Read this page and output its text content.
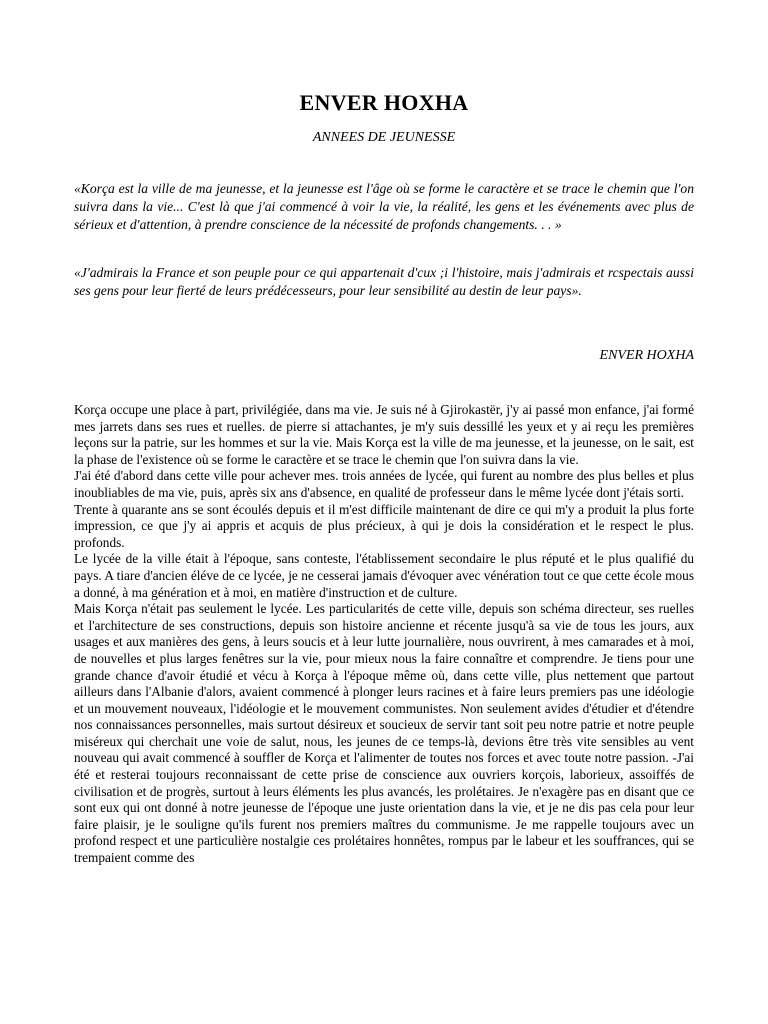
ENVER HOXHA
ANNEES DE JEUNESSE

«Korça est la ville de ma jeunesse, et la jeunesse est l'âge où se forme le caractère et se trace le chemin que l'on suivra dans la vie... C'est là que j'ai commencé à voir la vie, la réalité, les gens et les événements avec plus de sérieux et d'attention, à prendre conscience de la nécessité de profonds changements. . . »

«J'admirais la France et son peuple pour ce qui appartenait d'cux ;i l'histoire, mais j'admirais et rcspectais aussi ses gens pour leur fierté de leurs prédécesseurs, pour leur sensibilité au destin de leur pays».

ENVER HOXHA

Korça occupe une place à part, privilégiée, dans ma vie. Je suis né à Gjirokastër, j'y ai passé mon enfance, j'ai formé mes jarrets dans ses rues et ruelles. de pierre si attachantes, je m'y suis dessillé les yeux et y ai reçu les premières leçons sur la patrie, sur les hommes et sur la vie. Mais Korça est la ville de ma jeunesse, et la jeunesse, on le sait, est la phase de l'existence où se forme le caractère et se trace le chemin que l'on suivra dans la vie.

J'ai été d'abord dans cette ville pour achever mes. trois années de lycée, qui furent au nombre des plus belles et plus inoubliables de ma vie, puis, après six ans d'absence, en qualité de professeur dans le même lycée dont j'étais sorti.

Trente à quarante ans se sont écoulés depuis et il m'est difficile maintenant de dire ce qui m'y a produit la plus forte impression, ce que j'y ai appris et acquis de plus précieux, à qui je dois la considération et le respect le plus. profonds.

Le lycée de la ville était à l'époque, sans conteste, l'établissement secondaire le plus réputé et le plus qualifié du pays. A tiare d'ancien éléve de ce lycée, je ne cesserai jamais d'évoquer avec vénération tout ce que cette école mous a donné, à ma génération et à moi, en matière d'instruction et de culture.

Mais Korça n'était pas seulement le lycée. Les particularités de cette ville, depuis son schéma directeur, ses ruelles et l'architecture de ses constructions, depuis son histoire ancienne et récente jusqu'à sa vie de tous les jours, aux usages et aux manières des gens, à leurs soucis et à leur lutte journalière, nous ouvrirent, à mes camarades et à moi, de nouvelles et plus larges fenêtres sur la vie, pour mieux nous la faire connaître et comprendre. Je tiens pour une grande chance d'avoir étudié et vécu à Korça à l'époque même où, dans cette ville, plus nettement que partout ailleurs dans l'Albanie d'alors, avaient commencé à plonger leurs racines et à faire leurs premiers pas une idéologie et un mouvement nouveaux, l'idéologie et le mouvement communistes. Non seulement avides d'étudier et d'étendre nos connaissances personnelles, mais surtout désireux et soucieux de servir tant soit peu notre patrie et notre peuple miséreux qui cherchait une voie de salut, nous, les jeunes de ce temps-là, devions être très vite sensibles au vent nouveau qui avait commencé à souffler de Korça et l'alimenter de toutes nos forces et avec toute notre passion. -J'ai été et resterai toujours reconnaissant de cette prise de conscience aux ouvriers korçois, laborieux, assoiffés de civilisation et de progrès, surtout à leurs éléments les plus avancés, les prolétaires. Je n'exagère pas en disant que ce sont eux qui ont donné à notre jeunesse de l'époque une juste orientation dans la vie, et je ne dis pas cela pour leur faire plaisir, je le souligne qu'ils furent nos premiers maîtres du communisme. Je me rappelle toujours avec un profond respect et une particulière nostalgie ces prolétaires honnêtes, rompus par le labeur et les souffrances, qui se trempaient comme des
